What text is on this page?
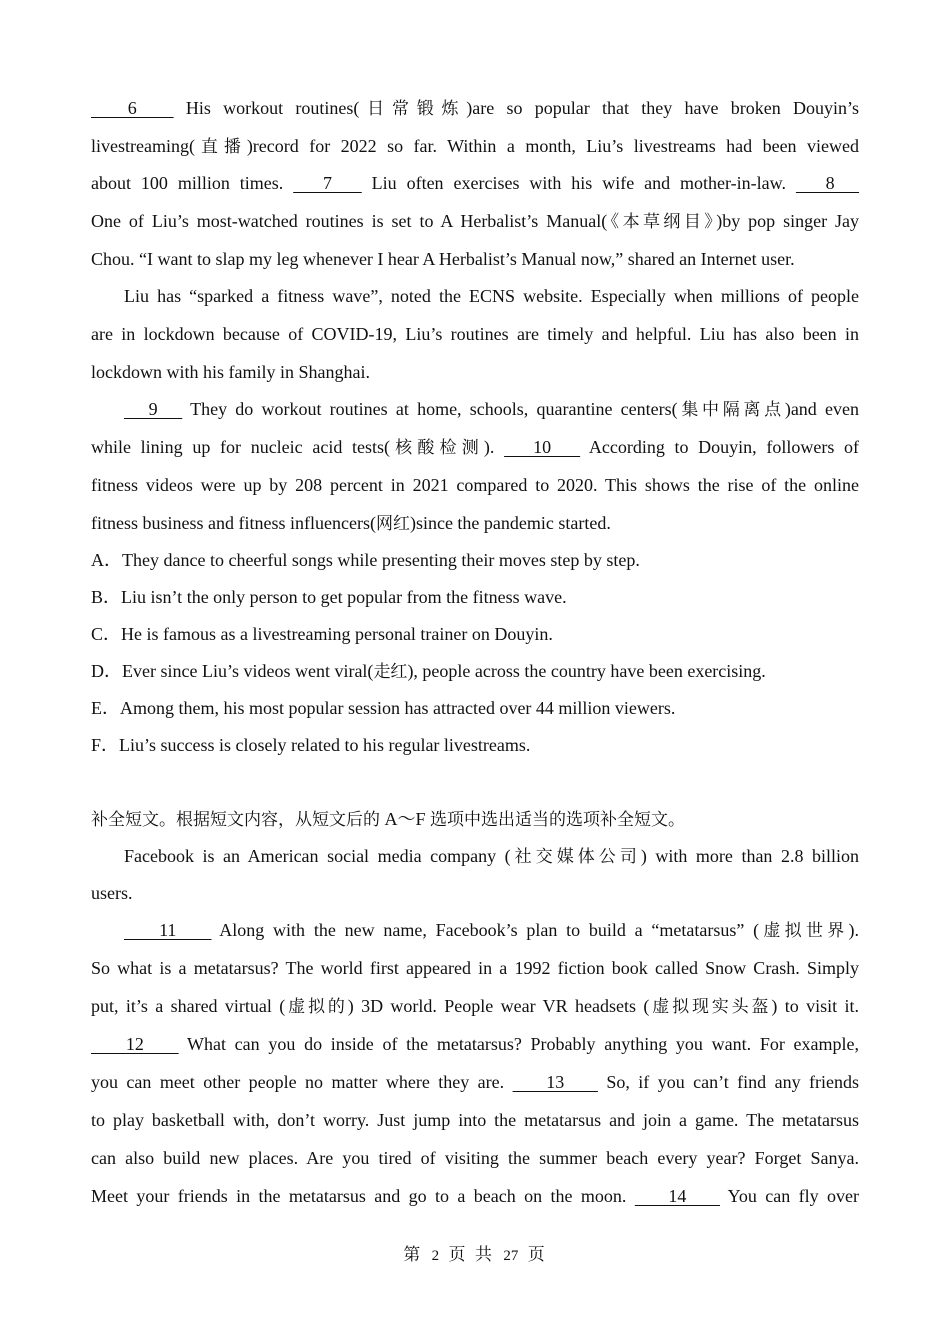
6    His workout routines(日常锻炼)are so popular that they have broken Douyin’s
livestreaming(直播)record for 2022 so far. Within a month, Liu’s livestreams had been viewed
about 100 million times.    7    Liu often exercises with his wife and mother-in-law.    8
One of Liu’s most-watched routines is set to A Herbalist’s Manual(《本草纲目》)by pop singer Jay
Chou. “I want to slap my leg whenever I hear A Herbalist’s Manual now,” shared an Internet user.
Liu has “sparked a fitness wave”, noted the ECNS website. Especially when millions of people
are in lockdown because of COVID-19, Liu’s routines are timely and helpful. Liu has also been in
lockdown with his family in Shanghai.
9    They do workout routines at home, schools, quarantine centers(集中隔离点)and even
while lining up for nucleic acid tests(核酸检测).    10    According to Douyin, followers of
fitness videos were up by 208 percent in 2021 compared to 2020. This shows the rise of the online
fitness business and fitness influencers(网红)since the pandemic started.
A．They dance to cheerful songs while presenting their moves step by step.
B．Liu isn’t the only person to get popular from the fitness wave.
C．He is famous as a livestreaming personal trainer on Douyin.
D．Ever since Liu’s videos went viral(走红), people across the country have been exercising.
E．Among them, his most popular session has attracted over 44 million viewers.
F．Liu’s success is closely related to his regular livestreams.
补全短文。根据短文内容，从短文后的 A～F 选项中选出适当的选项补全短文。
Facebook is an American social media company (社交媒体公司) with more than 2.8 billion
users.
11     Along with the new name, Facebook’s plan to build a “metatarsus” (虚拟世界).
So what is a metatarsus? The world first appeared in a 1992 fiction book called Snow Crash. Simply
put, it’s a shared virtual (虚拟的) 3D world. People wear VR headsets (虚拟现实头盔) to visit it.
12     What can you do inside of the metatarsus? Probably anything you want. For example,
you can meet other people no matter where they are.     13     So, if you can’t find any friends
to play basketball with, don’t worry. Just jump into the metatarsus and join a game. The metatarsus
can also build new places. Are you tired of visiting the summer beach every year? Forget Sanya.
Meet your friends in the metatarsus and go to a beach on the moon.     14     You can fly over
第 2 页 共 27 页
